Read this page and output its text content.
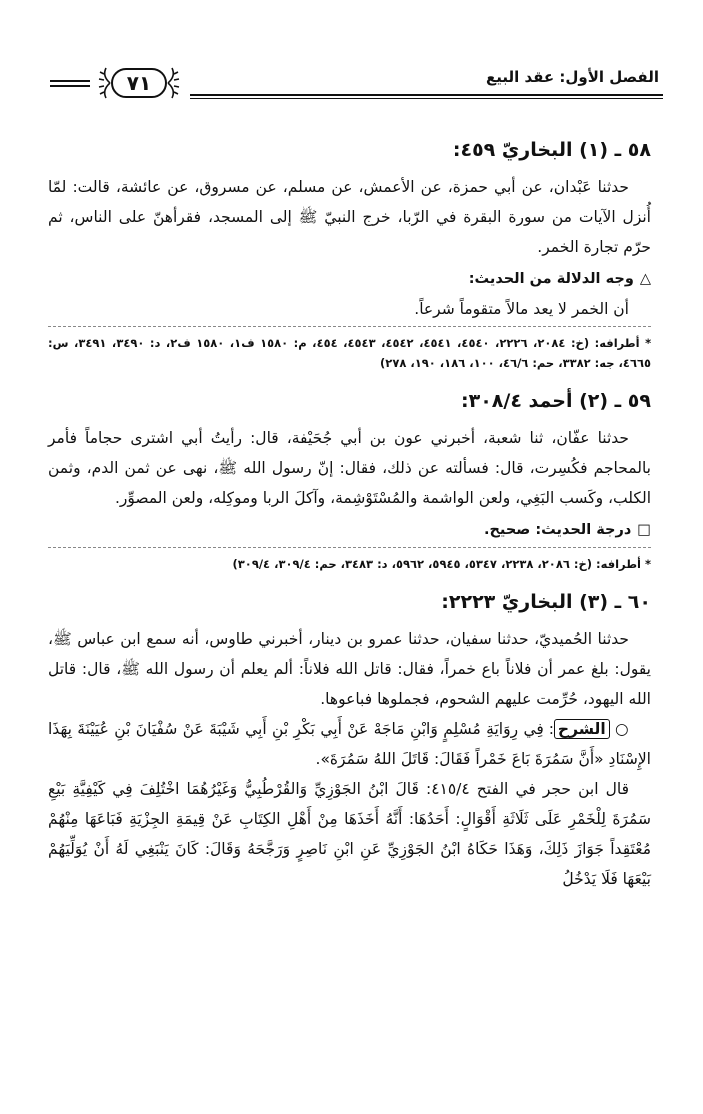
٧١	الفصل الأول: عقد البيع
٥٨ ـ (١) البخاريّ ٤٥٩:

حدثنا عَبْدان، عن أبي حمزة، عن الأعمش، عن مسلم، عن مسروق، عن عائشة، قالت: لمّا أُنزل الآيات من سورة البقرة في الرّبا، خرج النبيّ ﷺ إلى المسجد، فقرأهنّ على الناس، ثم حرّم تجارة الخمر.

△وجه الدلالة من الحديث:

أن الخمر لا يعد مالاً متقوماً شرعاً.

* أطرافه: (خ: ٢٠٨٤، ٢٢٢٦، ٤٥٤٠، ٤٥٤١، ٤٥٤٢، ٤٥٤٣، ٤٥٤، م: ١٥٨٠ ف١، ١٥٨٠ ف٢، د: ٣٤٩٠، ٣٤٩١، س: ٤٦٦٥، جه: ٣٣٨٢، حم: ٤٦/٦، ١٠٠، ١٨٦، ١٩٠، ٢٧٨)

٥٩ ـ (٢) أحمد ٣٠٨/٤:

حدثنا عفّان، ثنا شعبة، أخبرني عون بن أبي جُحَيْفة، قال: رأيتُ أبي اشترى حجاماً فأمر بالمحاجم فكُسِرت، قال: فسألته عن ذلك، فقال: إنّ رسول الله ﷺ، نهى عن ثمن الدم، وثمن الكلب، وكَسب البَغِي، ولعن الواشمة والمُسْتَوْشِمة، وآكلَ الربا وموكِله، ولعن المصوِّر.

□درجة الحديث: صحيح.

* أطرافه: (خ: ٢٠٨٦، ٢٢٣٨، ٥٣٤٧، ٥٩٤٥، ٥٩٦٢، د: ٣٤٨٣، حم: ٣٠٩/٤، ٣٠٩/٤)

٦٠ ـ (٣) البخاريّ ٢٢٢٣:

حدثنا الحُميديّ، حدثنا سفيان، حدثنا عمرو بن دينار، أخبرني طاوس، أنه سمع ابن عباس ﷺ، يقول: بلغ عمر أن فلاناً باع خمراً، فقال: قاتل الله فلاناً: ألم يعلم أن رسول الله ﷺ، قال: قاتل الله اليهود، حُرِّمت عليهم الشحوم، فجملوها فباعوها.

○ الشرح: فِي رِوَايَةِ مُسْلِمٍ وَابْنِ مَاجَهْ عَنْ أَبِي بَكْرِ بْنِ أَبِي شَيْبَةَ عَنْ سُفْيَانَ بْنِ عُيَيْنَةَ بِهَذَا الإِسْنَادِ «أَنَّ سَمُرَةَ بَاعَ خَمْراً فَقَالَ: قَاتَلَ اللهُ سَمُرَةَ».

قال ابن حجر في الفتح ٤١٥/٤: قَالَ ابْنُ الجَوْزِيِّ وَالقُرْطُبِيُّ وَغَيْرُهُمَا اخْتُلِفَ فِي كَيْفِيَّةِ بَيْعِ سَمُرَةَ لِلْخَمْرِ عَلَى ثَلَاثَةِ أَقْوَالٍ: أَحَدُهَا: أَنَّهُ أَخَذَهَا مِنْ أَهْلِ الكِتَابِ عَنْ قِيمَةِ الجِزْيَةِ فَبَاعَهَا مِنْهُمْ مُعْتَقِداً جَوَازَ ذَلِكَ، وَهَذَا حَكَاهُ ابْنُ الجَوْزِيِّ عَنِ ابْنِ نَاصِرٍ وَرَجَّحَهُ وَقَالَ: كَانَ يَنْبَغِي لَهُ أَنْ يُوَلِّيَهُمْ بَيْعَهَا فَلَا يَدْخُلُ
